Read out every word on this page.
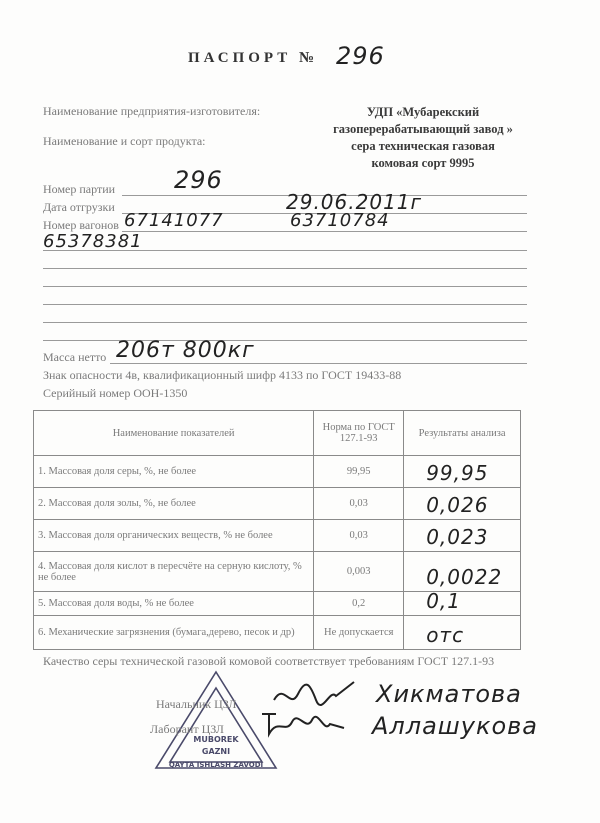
ПАСПОРТ № 296
Наименование предприятия-изготовителя:
Наименование и сорт продукта:
УДП «Мубарекский
газоперерабатывающий завод »
сера техническая газовая
комовая сорт 9995
Номер партии 296
Дата отгрузки	29.06.2011г
Номер вагонов 67141077	63710784
65378381
Масса нетто 206т 800кг
Знак опасности 4в, квалификационный шифр 4133 по ГОСТ 19433-88
Серийный номер ООН-1350
Наименование показателей	Норма по ГОСТ 127.1-93	Результаты анализа
1. Массовая доля серы, %, не более	99,95	99,95

2. Массовая доля золы, %, не более	0,03	0,026

3. Массовая доля органических веществ, % не более	0,03	0,023

4. Массовая доля кислот в пересчёте на серную кислоту, % не более	0,003	0,0022

5. Массовая доля воды, % не более	0,2	0,1

6. Механические загрязнения (бумага,дерево, песок и др)	Не допускается	отс
Качество серы технической газовой комовой соответствует требованиям ГОСТ 127.1-93
MUBOREK
GAZNI
QAYTA ISHLASH ZAVODI
Начальник ЦЗЛ
Лаборант ЦЗЛ
Хикматова
Аллашукова
